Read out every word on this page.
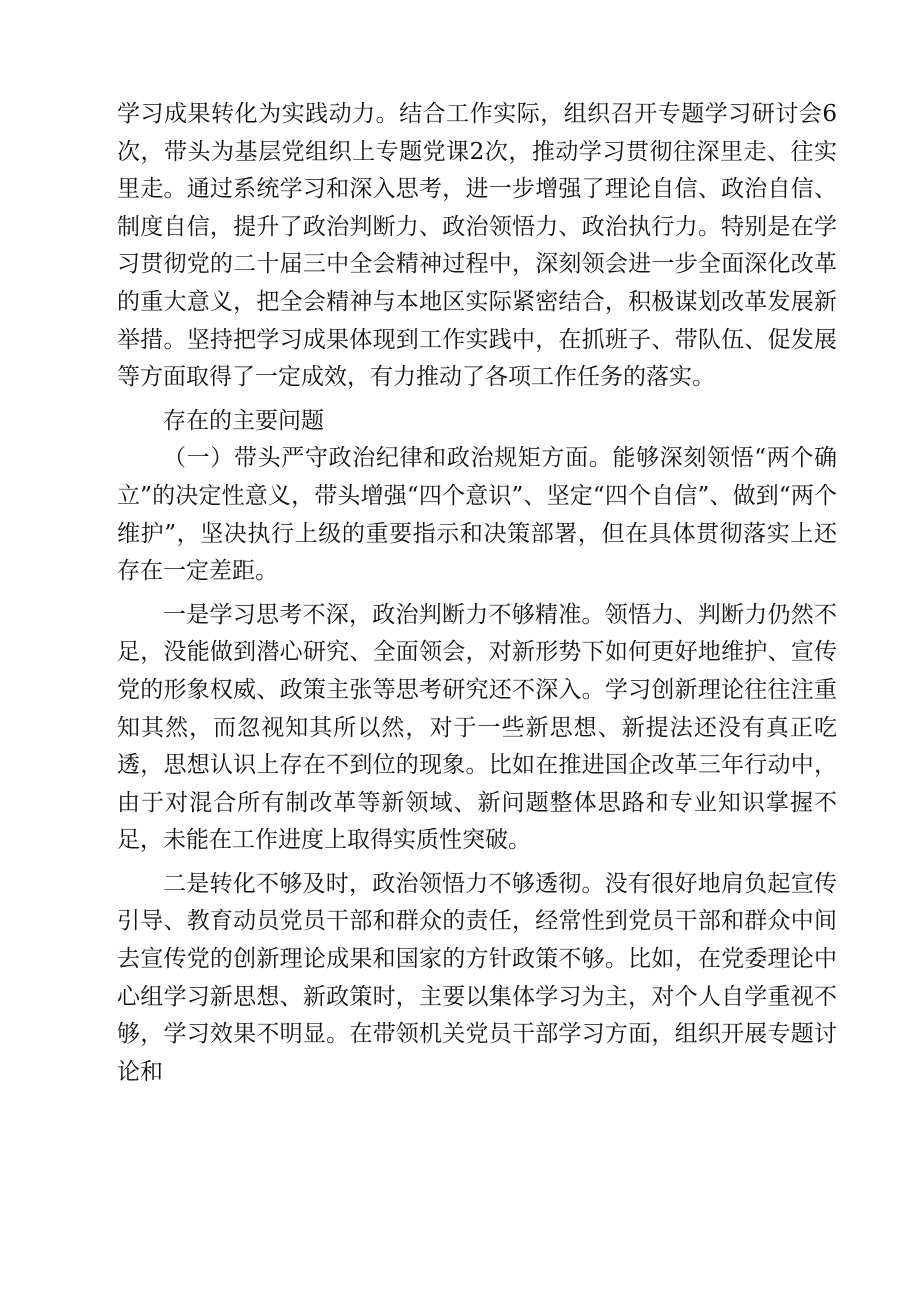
学习成果转化为实践动力。结合工作实际，组织召开专题学习研讨会6次，带头为基层党组织上专题党课2次，推动学习贯彻往深里走、往实里走。通过系统学习和深入思考，进一步增强了理论自信、政治自信、制度自信，提升了政治判断力、政治领悟力、政治执行力。特别是在学习贯彻党的二十届三中全会精神过程中，深刻领会进一步全面深化改革的重大意义，把全会精神与本地区实际紧密结合，积极谋划改革发展新举措。坚持把学习成果体现到工作实践中，在抓班子、带队伍、促发展等方面取得了一定成效，有力推动了各项工作任务的落实。

存在的主要问题

（一）带头严守政治纪律和政治规矩方面。能够深刻领悟“两个确立”的决定性意义，带头增强“四个意识”、坚定“四个自信”、做到“两个维护”，坚决执行上级的重要指示和决策部署，但在具体贯彻落实上还存在一定差距。

一是学习思考不深，政治判断力不够精准。领悟力、判断力仍然不足，没能做到潜心研究、全面领会，对新形势下如何更好地维护、宣传党的形象权威、政策主张等思考研究还不深入。学习创新理论往往注重知其然，而忽视知其所以然，对于一些新思想、新提法还没有真正吃透，思想认识上存在不到位的现象。比如在推进国企改革三年行动中，由于对混合所有制改革等新领域、新问题整体思路和专业知识掌握不足，未能在工作进度上取得实质性突破。

二是转化不够及时，政治领悟力不够透彻。没有很好地肩负起宣传引导、教育动员党员干部和群众的责任，经常性到党员干部和群众中间去宣传党的创新理论成果和国家的方针政策不够。比如，在党委理论中心组学习新思想、新政策时，主要以集体学习为主，对个人自学重视不够，学习效果不明显。在带领机关党员干部学习方面，组织开展专题讨论和
